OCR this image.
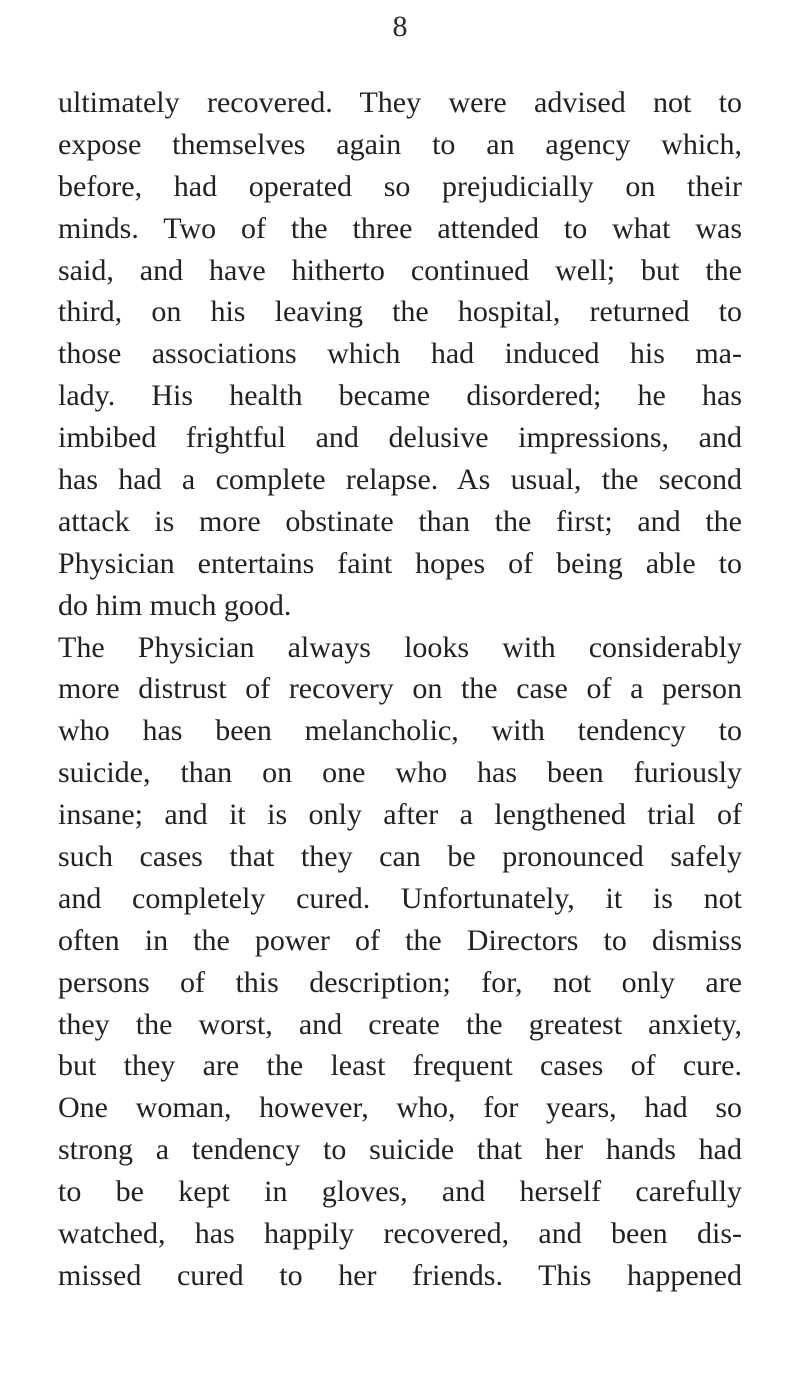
8
ultimately recovered. They were advised not to
expose themselves again to an agency which,
before, had operated so prejudicially on their
minds. Two of the three attended to what was
said, and have hitherto continued well; but the
third, on his leaving the hospital, returned to
those associations which had induced his ma-
lady. His health became disordered; he has
imbibed frightful and delusive impressions, and
has had a complete relapse. As usual, the second
attack is more obstinate than the first; and the
Physician entertains faint hopes of being able to
do him much good.
The Physician always looks with considerably
more distrust of recovery on the case of a person
who has been melancholic, with tendency to
suicide, than on one who has been furiously
insane; and it is only after a lengthened trial of
such cases that they can be pronounced safely
and completely cured. Unfortunately, it is not
often in the power of the Directors to dismiss
persons of this description; for, not only are
they the worst, and create the greatest anxiety,
but they are the least frequent cases of cure.
One woman, however, who, for years, had so
strong a tendency to suicide that her hands had
to be kept in gloves, and herself carefully
watched, has happily recovered, and been dis-
missed cured to her friends. This happened
